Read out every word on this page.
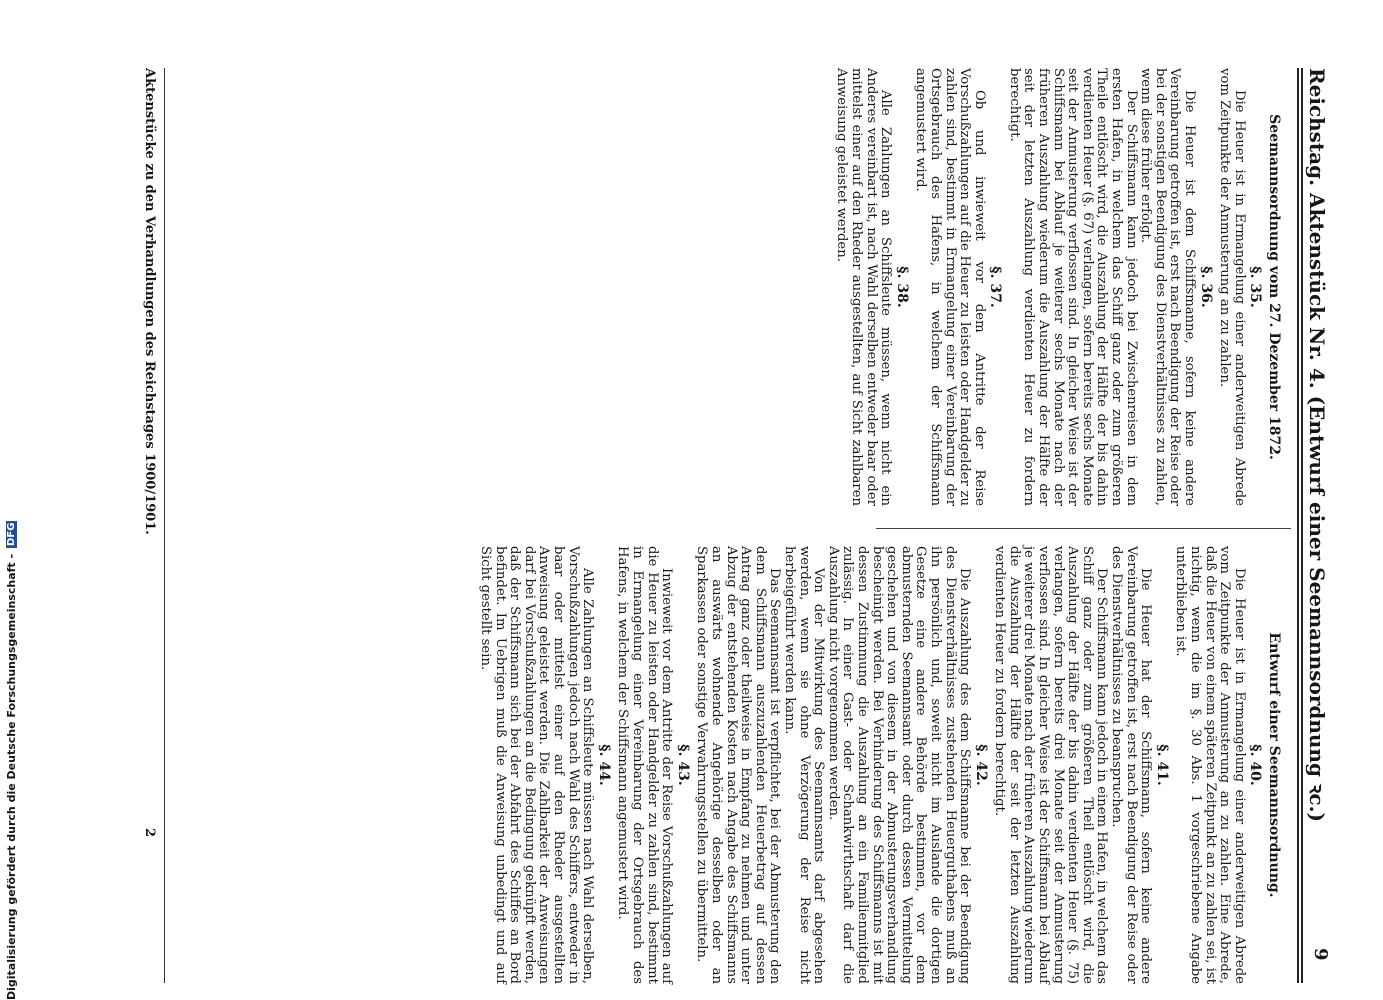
Reichstag. Aktenstück Nr. 4. (Entwurf einer Seemannsordnung ꝛc.)
9
Seemannsordnung vom 27. Dezember 1872.
§. 35.

Die Heuer ist in Ermangelung einer anderweitigen Abrede vom Zeitpunkte der Anmusterung an zu zahlen.

§. 36.

Die Heuer ist dem Schiffsmanne, sofern keine andere Vereinbarung getroffen ist, erst nach Beendigung der Reise oder bei der sonstigen Beendigung des Dienstverhältnisses zu zahlen, wenn diese früher erfolgt.

Der Schiffsmann kann jedoch bei Zwischenreisen in dem ersten Hafen, in welchem das Schiff ganz oder zum größeren Theile entlöscht wird, die Auszahlung der Hälfte der bis dahin verdienten Heuer (§. 67) verlangen, sofern bereits sechs Monate seit der Anmusterung verflossen sind. In gleicher Weise ist der Schiffsmann bei Ablauf je weiterer sechs Monate nach der früheren Auszahlung wiederum die Auszahlung der Hälfte der seit der letzten Auszahlung verdienten Heuer zu fordern berechtigt.

§. 37.

Ob und inwieweit vor dem Antritte der Reise Vorschußzahlungen auf die Heuer zu leisten oder Handgelder zu zahlen sind, bestimmt in Ermangelung einer Vereinbarung der Ortsgebrauch des Hafens, in welchem der Schiffsmann angemustert wird.

§. 38.

Alle Zahlungen an Schiffsleute müssen, wenn nicht ein Anderes vereinbart ist, nach Wahl derselben entweder baar oder mittelst einer auf den Rheder ausgestellten, auf Sicht zahlbaren Anweisung geleistet werden.

Entwurf einer Seemannsordnung.
§. 40.

Die Heuer ist in Ermangelung einer anderweitigen Abrede vom Zeitpunkte der Anmusterung an zu zahlen. Eine Abrede, daß die Heuer von einem späteren Zeitpunkt an zu zahlen sei, ist nichtig, wenn die im §. 30 Abs. 1 vorgeschriebene Angabe unterblieben ist.

§. 41.

Die Heuer hat der Schiffsmann, sofern keine andere Vereinbarung getroffen ist, erst nach Beendigung der Reise oder des Dienstverhältnisses zu beanspruchen.

Der Schiffsmann kann jedoch in einem Hafen, in welchem das Schiff ganz oder zum größeren Theil entlöscht wird, die Auszahlung der Hälfte der bis dahin verdienten Heuer (§. 75) verlangen, sofern bereits drei Monate seit der Anmusterung verflossen sind. In gleicher Weise ist der Schiffsmann bei Ablauf je weiterer drei Monate nach der früheren Auszahlung wiederum die Auszahlung der Hälfte der seit der letzten Auszahlung verdienten Heuer zu fordern berechtigt.

§. 42.

Die Auszahlung des dem Schiffsmanne bei der Beendigung des Dienstverhältnisses zustehenden Heuerguthabens muß an ihn persönlich und, soweit nicht im Auslande die dortigen Gesetze eine andere Behörde bestimmen, vor dem abmusternden Seemannsamt oder durch dessen Vermittelung geschehen und von diesem in der Abmusterungsverhandlung bescheinigt werden. Bei Verhinderung des Schiffsmanns ist mit dessen Zustimmung die Auszahlung an ein Familienmitglied zulässig. In einer Gast- oder Schankwirthschaft darf die Auszahlung nicht vorgenommen werden.

Von der Mitwirkung des Seemannsamts darf abgesehen werden, wenn sie ohne Verzögerung der Reise nicht herbeigeführt werden kann.

Das Seemannsamt ist verpflichtet, bei der Abmusterung den dem Schiffsmann auszuzahlenden Heuerbetrag auf dessen Antrag ganz oder theilweise in Empfang zu nehmen und unter Abzug der entstehenden Kosten nach Angabe des Schiffsmanns an auswärts wohnende Angehörige desselben oder an Sparkassen oder sonstige Verwahrungsstellen zu übermitteln.

§. 43.

Inwieweit vor dem Antritte der Reise Vorschußzahlungen auf die Heuer zu leisten oder Handgelder zu zahlen sind, bestimmt in Ermangelung einer Vereinbarung der Ortsgebrauch des Hafens, in welchem der Schiffsmann angemustert wird.

§. 44.

Alle Zahlungen an Schiffsleute müssen nach Wahl derselben, Vorschußzahlungen jedoch nach Wahl des Schiffers, entweder in baar oder mittelst einer auf den Rheder ausgestellten Anweisung geleistet werden. Die Zahlbarkeit der Anweisungen darf bei Vorschußzahlungen an die Bedingung geknüpft werden, daß der Schiffsmann sich bei der Abfahrt des Schiffes an Bord befindet. Im Uebrigen muß die Anweisung unbedingt und auf Sicht gestellt sein.

Aktenstücke zu den Verhandlungen des Reichstages 1900/1901.
2
Digitalisierung gefördert durch die Deutsche Forschungsgemeinschaft -
DFG
